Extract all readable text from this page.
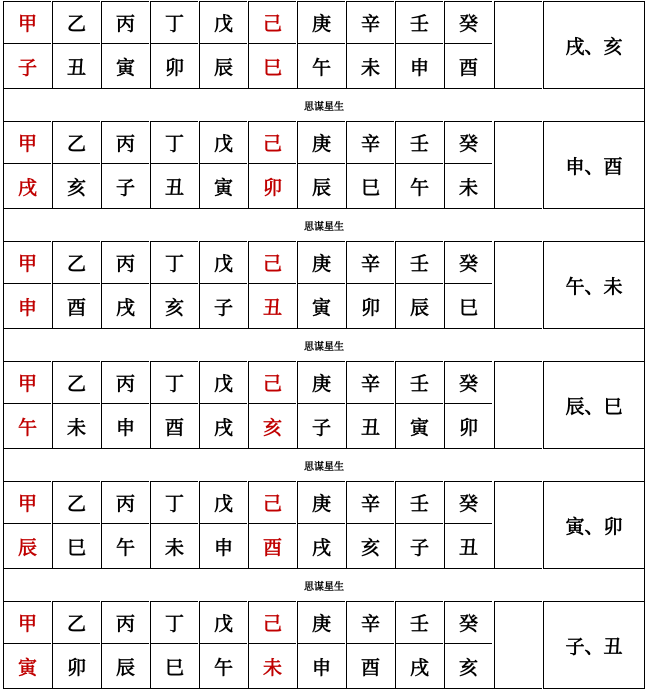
甲	乙	丙	丁	戊	己	庚	辛	壬	癸
子	丑	寅	卯	辰	巳	午	未	申	酉
戌、亥
思谋星生
甲	乙	丙	丁	戊	己	庚	辛	壬	癸
戌	亥	子	丑	寅	卯	辰	巳	午	未
申、酉
思谋星生
甲	乙	丙	丁	戊	己	庚	辛	壬	癸
申	酉	戌	亥	子	丑	寅	卯	辰	巳
午、未
思谋星生
甲	乙	丙	丁	戊	己	庚	辛	壬	癸
午	未	申	酉	戌	亥	子	丑	寅	卯
辰、巳
思谋星生
甲	乙	丙	丁	戊	己	庚	辛	壬	癸
辰	巳	午	未	申	酉	戌	亥	子	丑
寅、卯
思谋星生
甲	乙	丙	丁	戊	己	庚	辛	壬	癸
寅	卯	辰	巳	午	未	申	酉	戌	亥
子、丑
